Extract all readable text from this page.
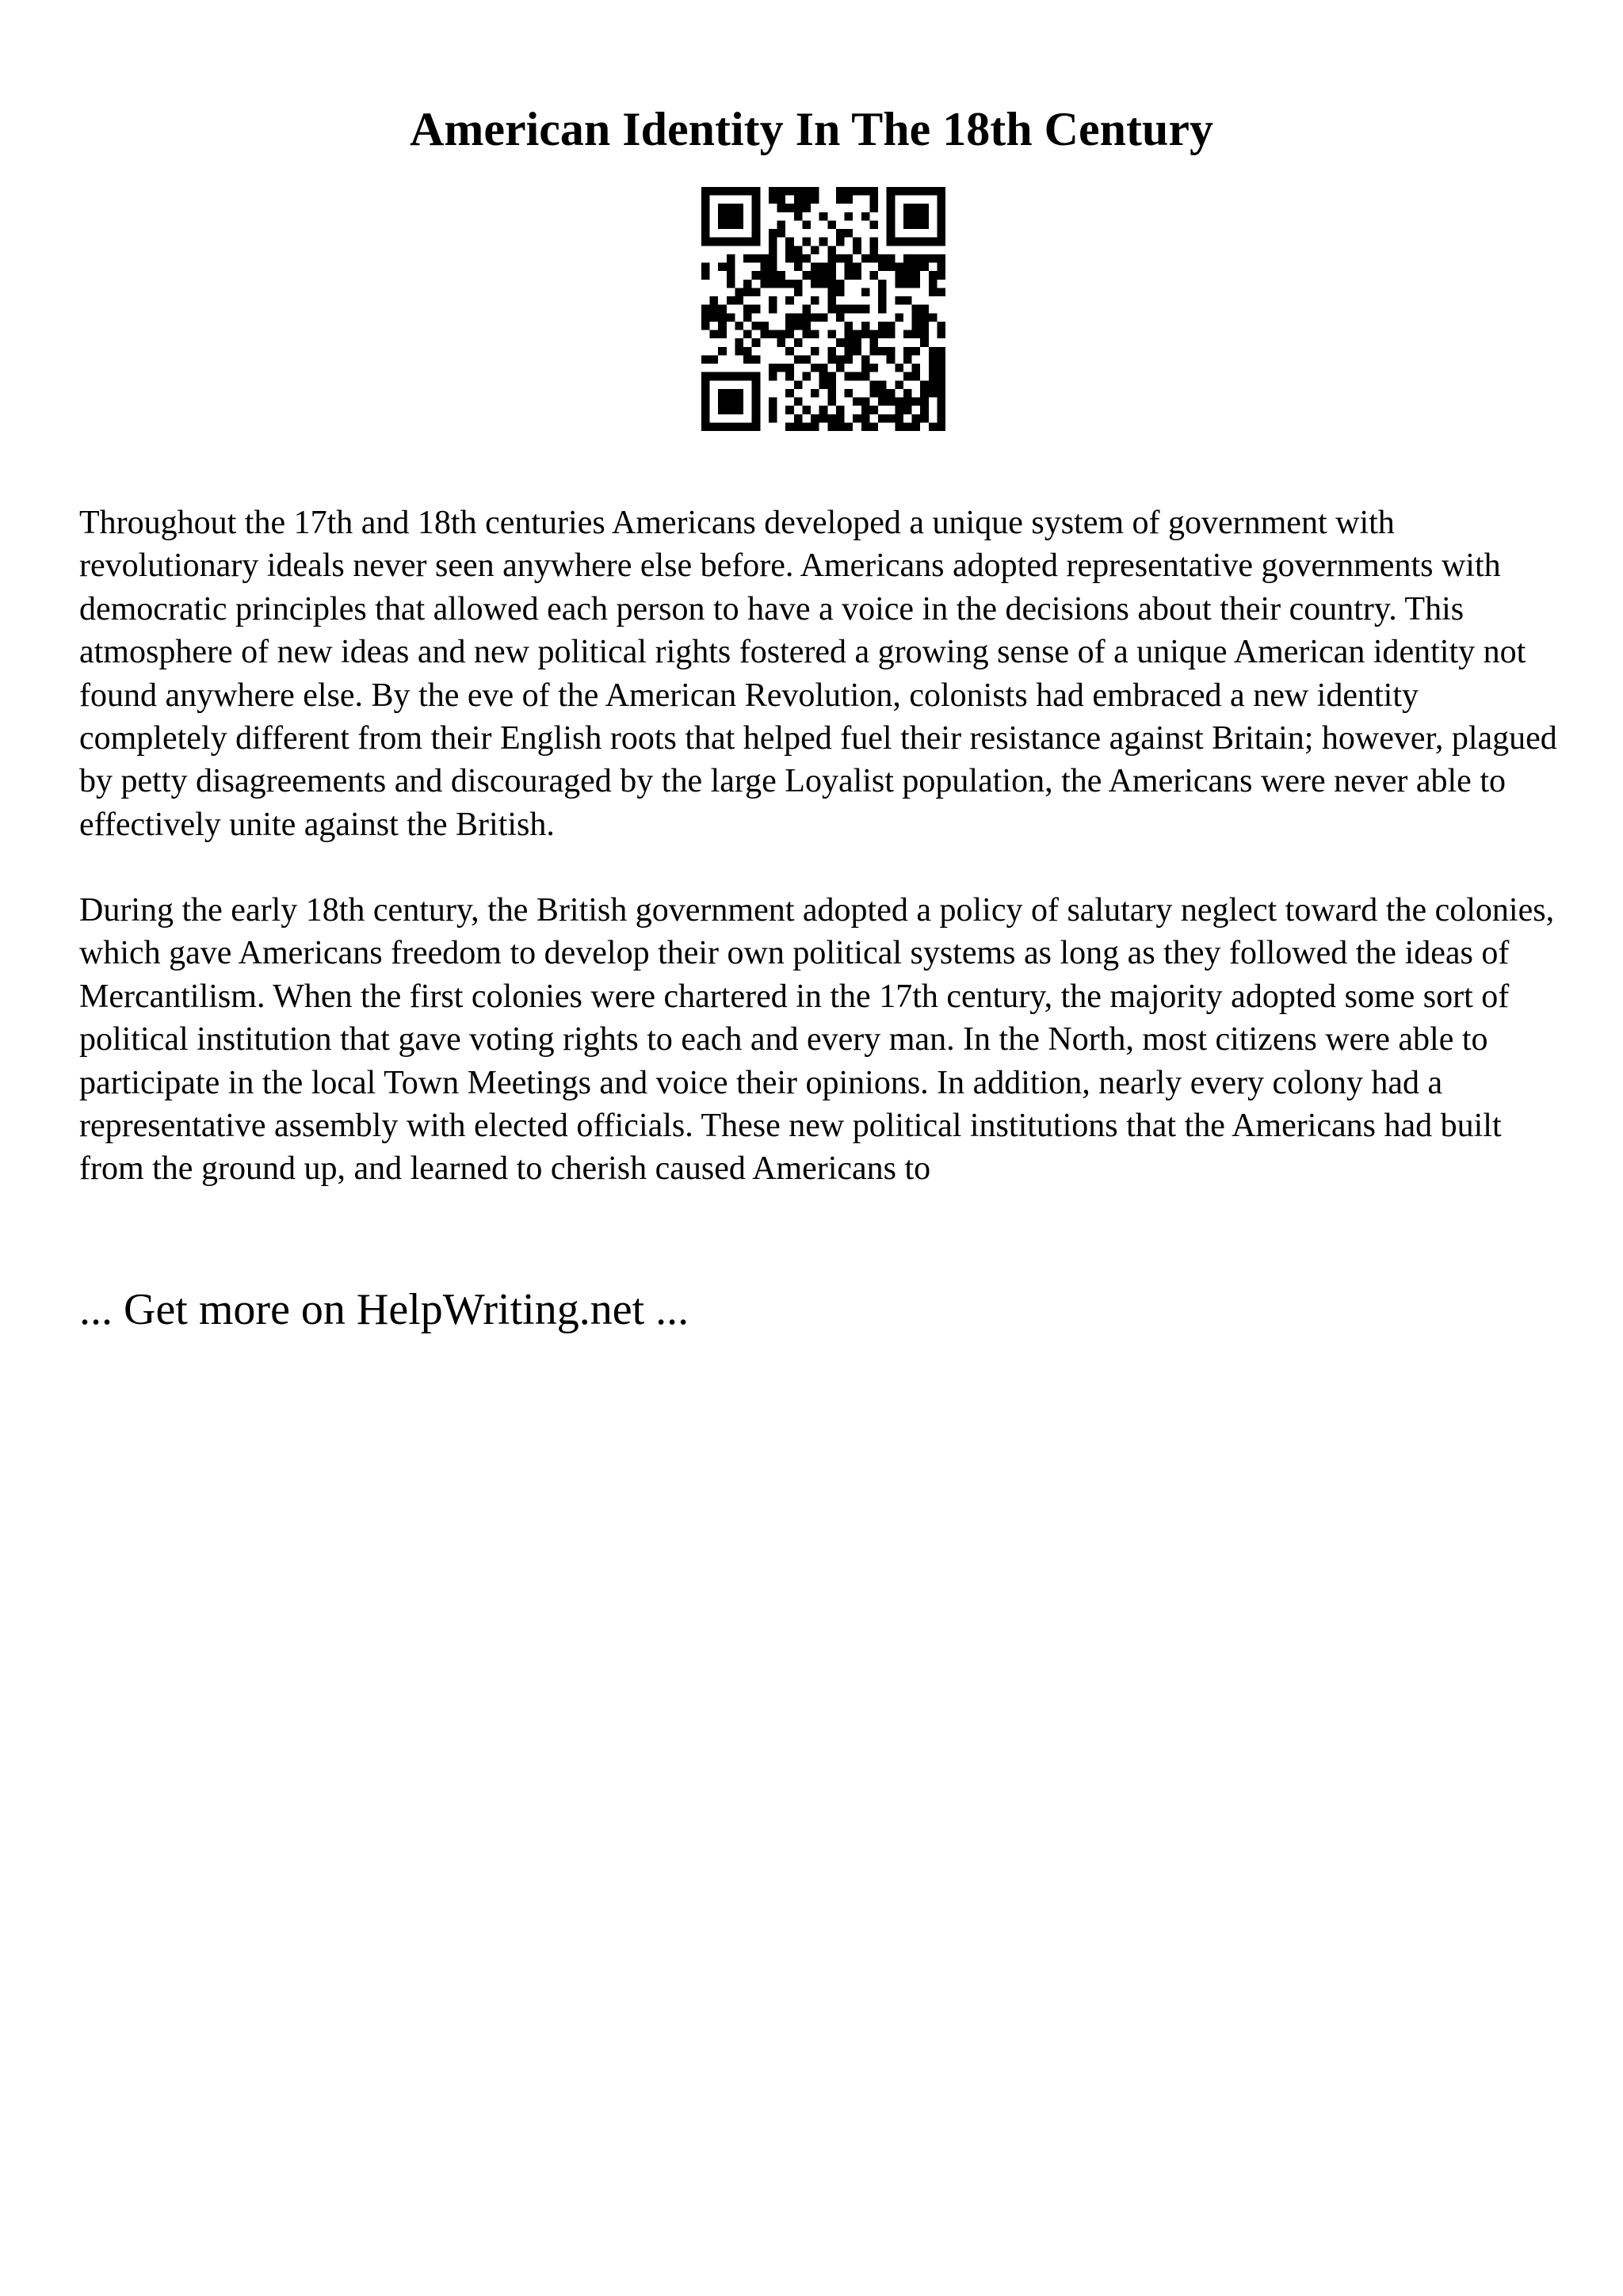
American Identity In The 18th Century

Throughout the 17th and 18th centuries Americans developed a unique system of government with revolutionary ideals never seen anywhere else before. Americans adopted representative governments with democratic principles that allowed each person to have a voice in the decisions about their country. This atmosphere of new ideas and new political rights fostered a growing sense of a unique American identity not found anywhere else. By the eve of the American Revolution, colonists had embraced a new identity completely different from their English roots that helped fuel their resistance against Britain; however, plagued by petty disagreements and discouraged by the large Loyalist population, the Americans were never able to effectively unite against the British.

During the early 18th century, the British government adopted a policy of salutary neglect toward the colonies, which gave Americans freedom to develop their own political systems as long as they followed the ideas of Mercantilism. When the first colonies were chartered in the 17th century, the majority adopted some sort of political institution that gave voting rights to each and every man. In the North, most citizens were able to participate in the local Town Meetings and voice their opinions. In addition, nearly every colony had a representative assembly with elected officials. These new political institutions that the Americans had built from the ground up, and learned to cherish caused Americans to

... Get more on HelpWriting.net ...
